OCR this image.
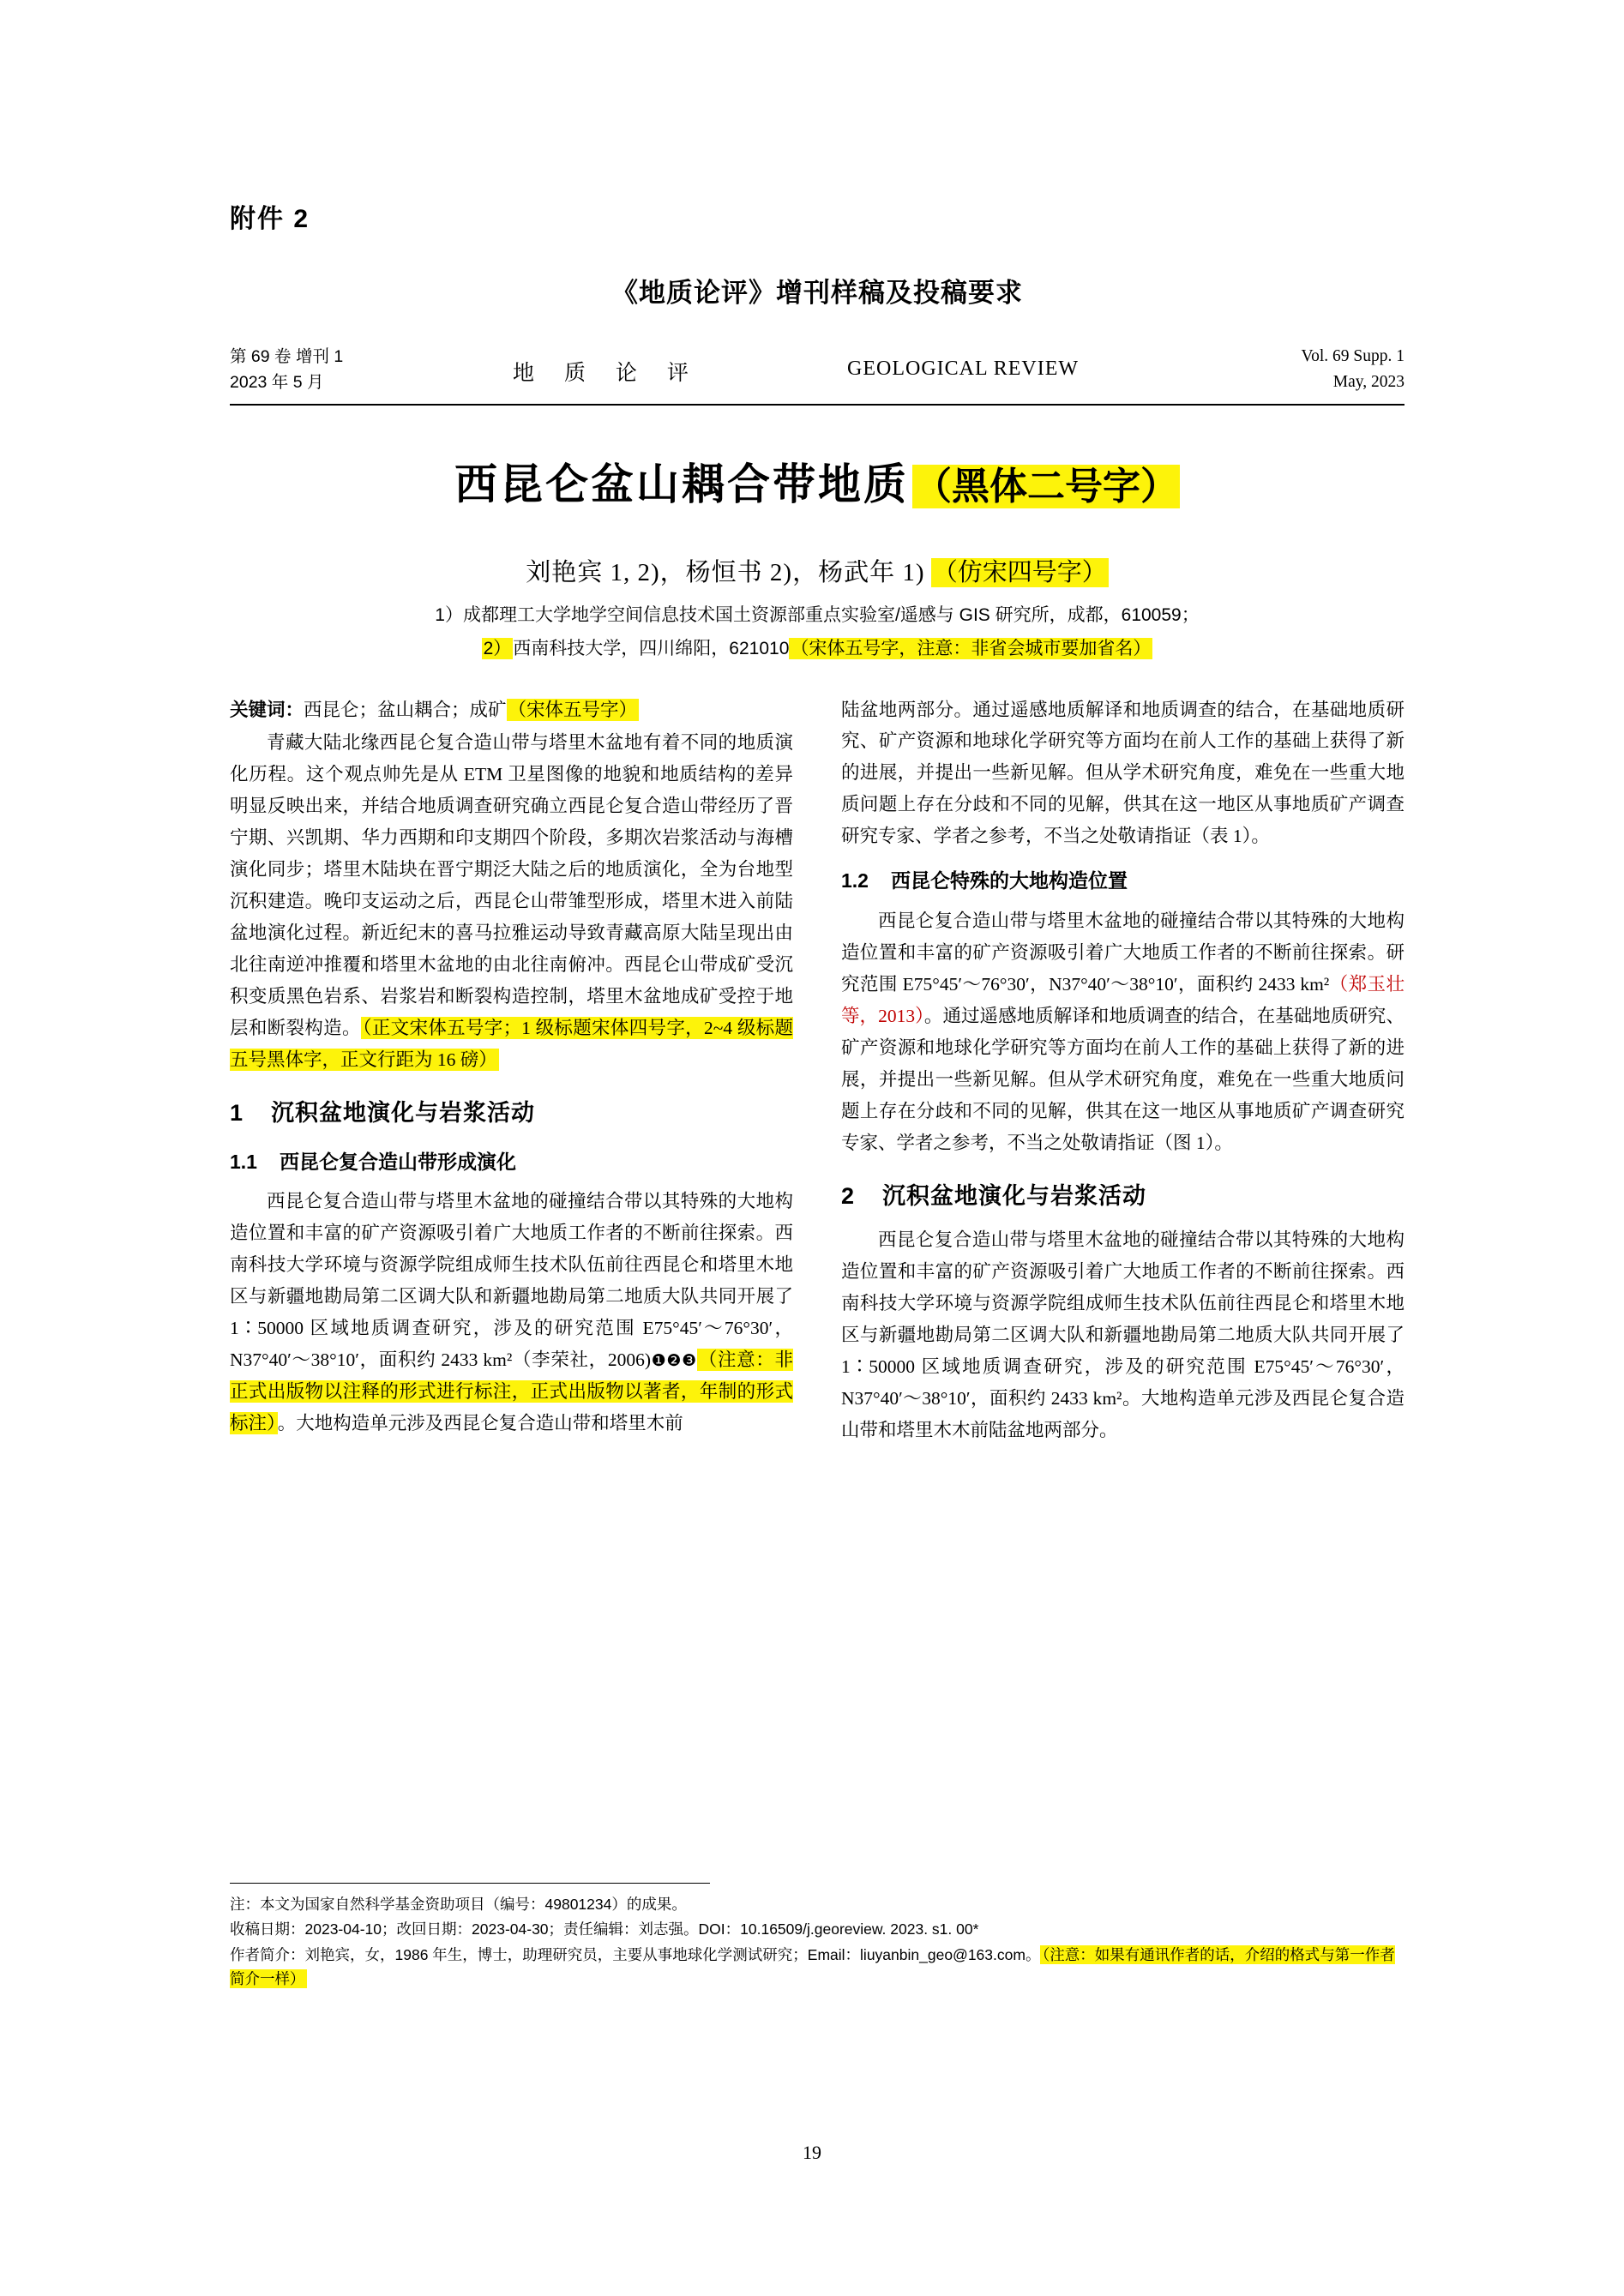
附件 2
《地质论评》增刊样稿及投稿要求
第 69 卷 增刊 1
2023 年 5 月	地 质 论 评	GEOLOGICAL REVIEW
Vol. 69 Supp. 1
May, 2023
西昆仑盆山耦合带地质 （黑体二号字）
刘艳宾 1, 2)，杨恒书 2)，杨武年 1) （仿宋四号字）
1）成都理工大学地学空间信息技术国土资源部重点实验室/遥感与 GIS 研究所，成都，610059；
2）西南科技大学，四川绵阳，621010（宋体五号字，注意：非省会城市要加省名）
关键词：西昆仑；盆山耦合；成矿（宋体五号字）

青藏大陆北缘西昆仑复合造山带与塔里木盆地有着不同的地质演化历程。这个观点帅先是从 ETM 卫星图像的地貌和地质结构的差异明显反映出来，并结合地质调查研究确立西昆仑复合造山带经历了晋宁期、兴凯期、华力西期和印支期四个阶段，多期次岩浆活动与海槽演化同步；塔里木陆块在晋宁期泛大陆之后的地质演化，全为台地型沉积建造。晚印支运动之后，西昆仑山带雏型形成，塔里木进入前陆盆地演化过程。新近纪末的喜马拉雅运动导致青藏高原大陆呈现出由北往南逆冲推覆和塔里木盆地的由北往南俯冲。西昆仑山带成矿受沉积变质黑色岩系、岩浆岩和断裂构造控制，塔里木盆地成矿受控于地层和断裂构造。（正文宋体五号字；1 级标题宋体四号字，2~4 级标题五号黑体字，正文行距为 16 磅）

1 沉积盆地演化与岩浆活动
1.1 西昆仑复合造山带形成演化

西昆仑复合造山带与塔里木盆地的碰撞结合带以其特殊的大地构造位置和丰富的矿产资源吸引着广大地质工作者的不断前往探索。西南科技大学环境与资源学院组成师生技术队伍前往西昆仑和塔里木地区与新疆地勘局第二区调大队和新疆地勘局第二地质大队共同开展了 1∶50000 区域地质调查研究，涉及的研究范围 E75°45′～76°30′，N37°40′～38°10′，面积约 2433 km²（李荣社，2006)❶❷❸（注意：非正式出版物以注释的形式进行标注，正式出版物以著者，年制的形式标注）。大地构造单元涉及西昆仑复合造山带和塔里木前

陆盆地两部分。通过遥感地质解译和地质调查的结合，在基础地质研究、矿产资源和地球化学研究等方面均在前人工作的基础上获得了新的进展，并提出一些新见解。但从学术研究角度，难免在一些重大地质问题上存在分歧和不同的见解，供其在这一地区从事地质矿产调查研究专家、学者之参考，不当之处敬请指证（表 1）。

1.2 西昆仑特殊的大地构造位置

西昆仑复合造山带与塔里木盆地的碰撞结合带以其特殊的大地构造位置和丰富的矿产资源吸引着广大地质工作者的不断前往探索。研究范围 E75°45′～76°30′，N37°40′～38°10′，面积约 2433 km²（郑玉壮等，2013）。通过遥感地质解译和地质调查的结合，在基础地质研究、矿产资源和地球化学研究等方面均在前人工作的基础上获得了新的进展，并提出一些新见解。但从学术研究角度，难免在一些重大地质问题上存在分歧和不同的见解，供其在这一地区从事地质矿产调查研究专家、学者之参考，不当之处敬请指证（图 1）。

2 沉积盆地演化与岩浆活动

西昆仑复合造山带与塔里木盆地的碰撞结合带以其特殊的大地构造位置和丰富的矿产资源吸引着广大地质工作者的不断前往探索。西南科技大学环境与资源学院组成师生技术队伍前往西昆仑和塔里木地区与新疆地勘局第二区调大队和新疆地勘局第二地质大队共同开展了 1∶50000 区域地质调查研究，涉及的研究范围 E75°45′～76°30′，N37°40′～38°10′，面积约 2433 km²。大地构造单元涉及西昆仑复合造山带和塔里木木前陆盆地两部分。

注：本文为国家自然科学基金资助项目（编号：49801234）的成果。
收稿日期：2023-04-10；改回日期：2023-04-30；责任编辑：刘志强。DOI：10.16509/j.georeview. 2023. s1. 00*
作者简介：刘艳宾，女，1986 年生，博士，助理研究员，主要从事地球化学测试研究；Email：liuyanbin_geo@163.com。 （注意：如果有通讯作者的话，介绍的格式与第一作者简介一样）
19
